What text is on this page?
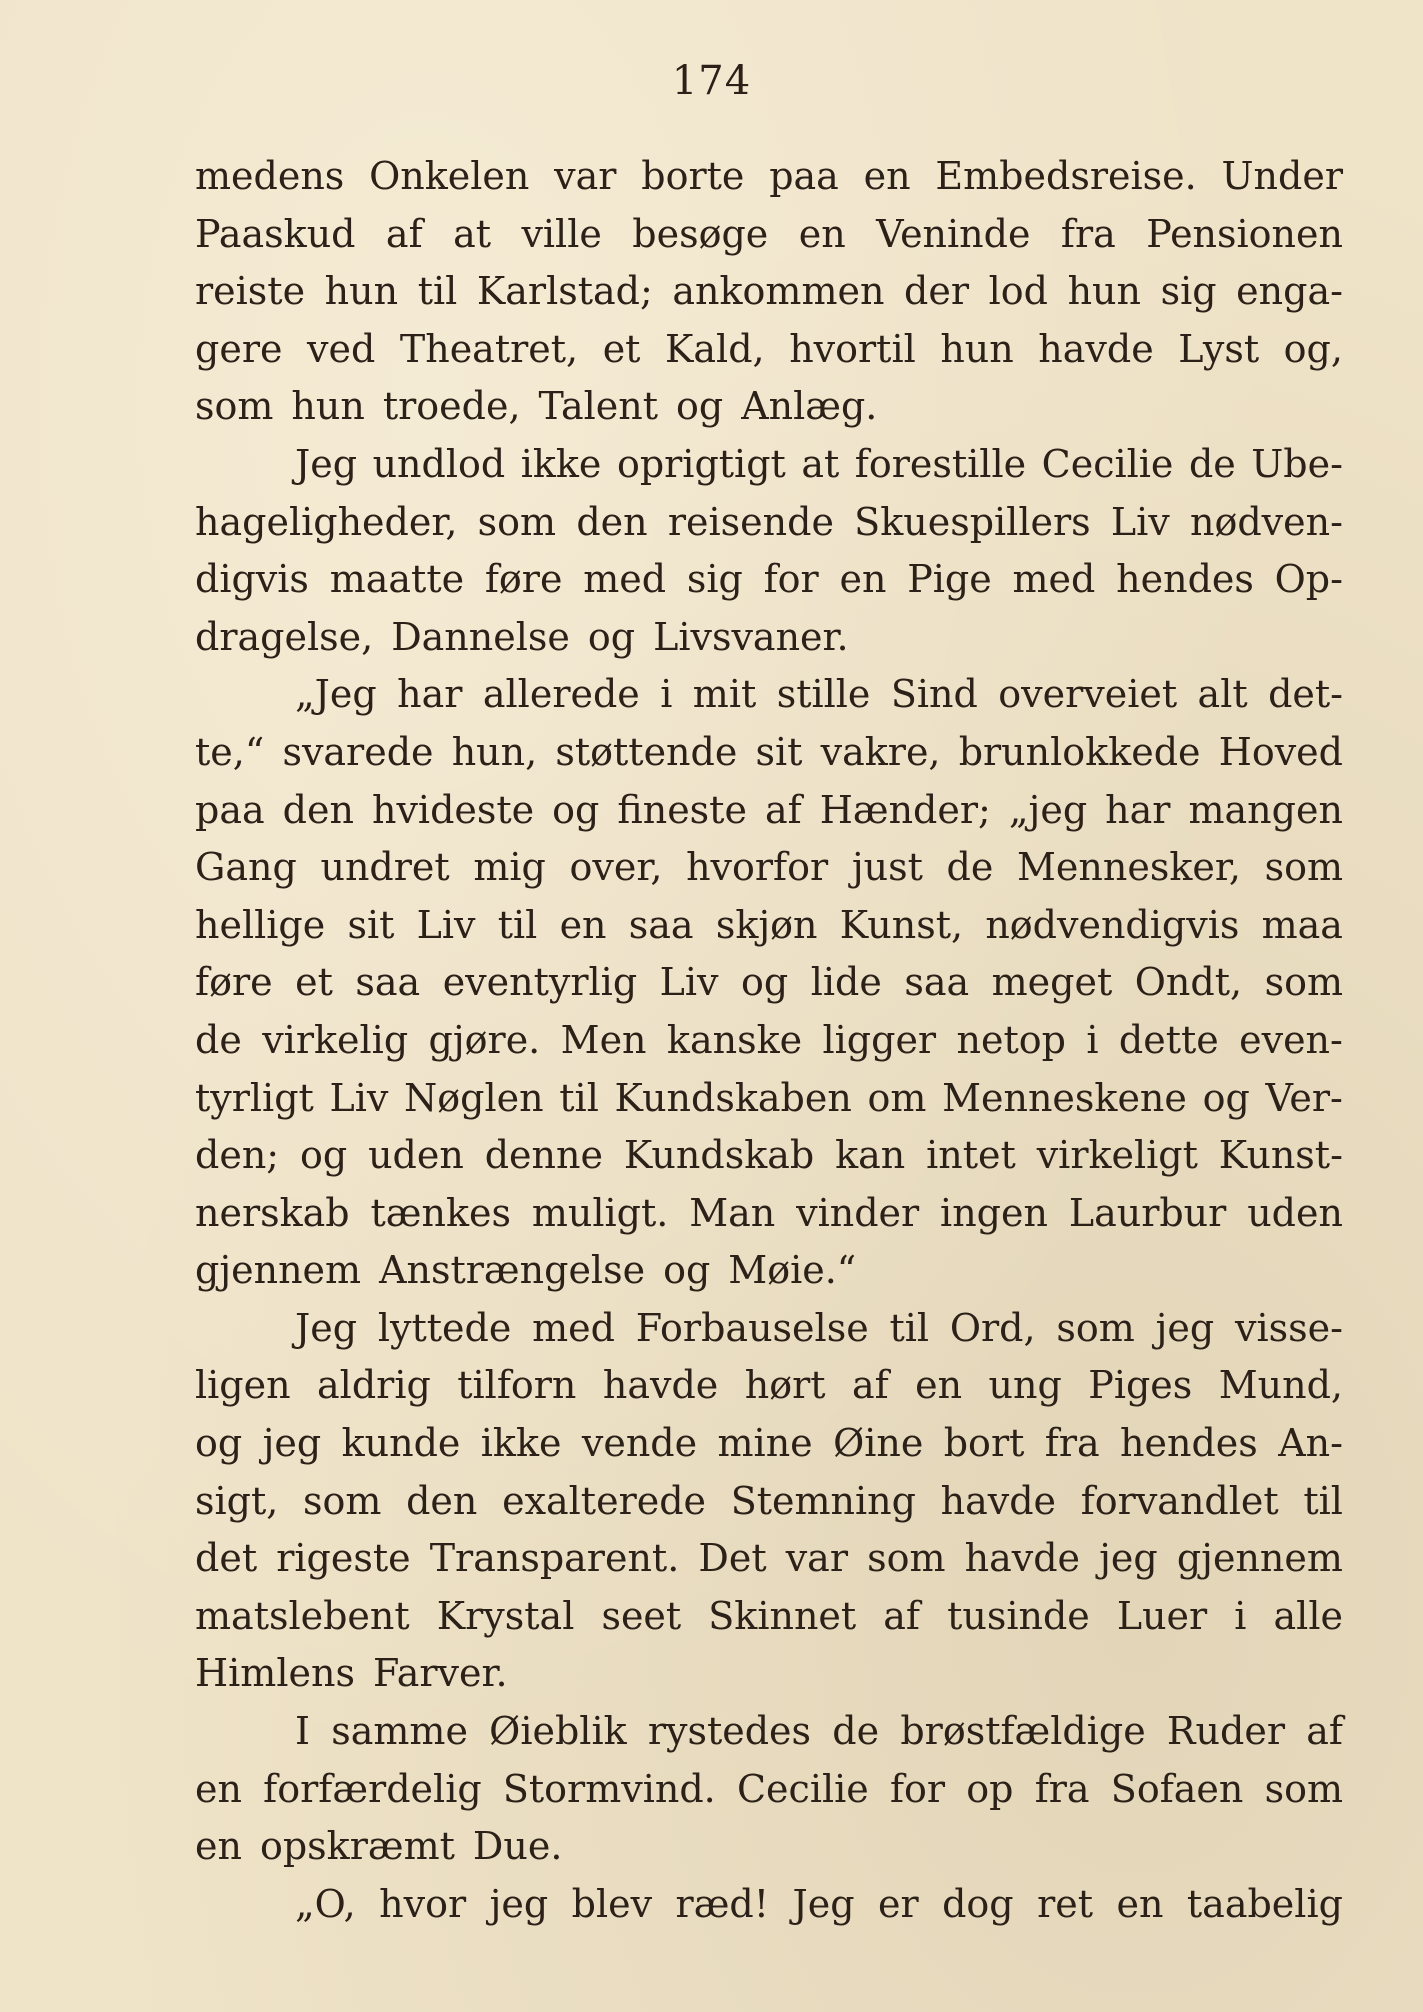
174
medens Onkelen var borte paa en Embedsreise. Under
Paaskud af at ville besøge en Veninde fra Pensionen
reiste hun til Karlstad; ankommen der lod hun sig enga-
gere ved Theatret, et Kald, hvortil hun havde Lyst og,
som hun troede, Talent og Anlæg.
Jeg undlod ikke oprigtigt at forestille Cecilie de Ube-
hageligheder, som den reisende Skuespillers Liv nødven-
digvis maatte føre med sig for en Pige med hendes Op-
dragelse, Dannelse og Livsvaner.
„Jeg har allerede i mit stille Sind overveiet alt det-
te,“ svarede hun, støttende sit vakre, brunlokkede Hoved
paa den hvideste og fineste af Hænder; „jeg har mangen
Gang undret mig over, hvorfor just de Mennesker, som
hellige sit Liv til en saa skjøn Kunst, nødvendigvis maa
føre et saa eventyrlig Liv og lide saa meget Ondt, som
de virkelig gjøre. Men kanske ligger netop i dette even-
tyrligt Liv Nøglen til Kundskaben om Menneskene og Ver-
den; og uden denne Kundskab kan intet virkeligt Kunst-
nerskab tænkes muligt. Man vinder ingen Laurbur uden
gjennem Anstrængelse og Møie.“
Jeg lyttede med Forbauselse til Ord, som jeg visse-
ligen aldrig tilforn havde hørt af en ung Piges Mund,
og jeg kunde ikke vende mine Øine bort fra hendes An-
sigt, som den exalterede Stemning havde forvandlet til
det rigeste Transparent. Det var som havde jeg gjennem
matslebent Krystal seet Skinnet af tusinde Luer i alle
Himlens Farver.
I samme Øieblik rystedes de brøstfældige Ruder af
en forfærdelig Stormvind. Cecilie for op fra Sofaen som
en opskræmt Due.
„O, hvor jeg blev ræd! Jeg er dog ret en taabelig
